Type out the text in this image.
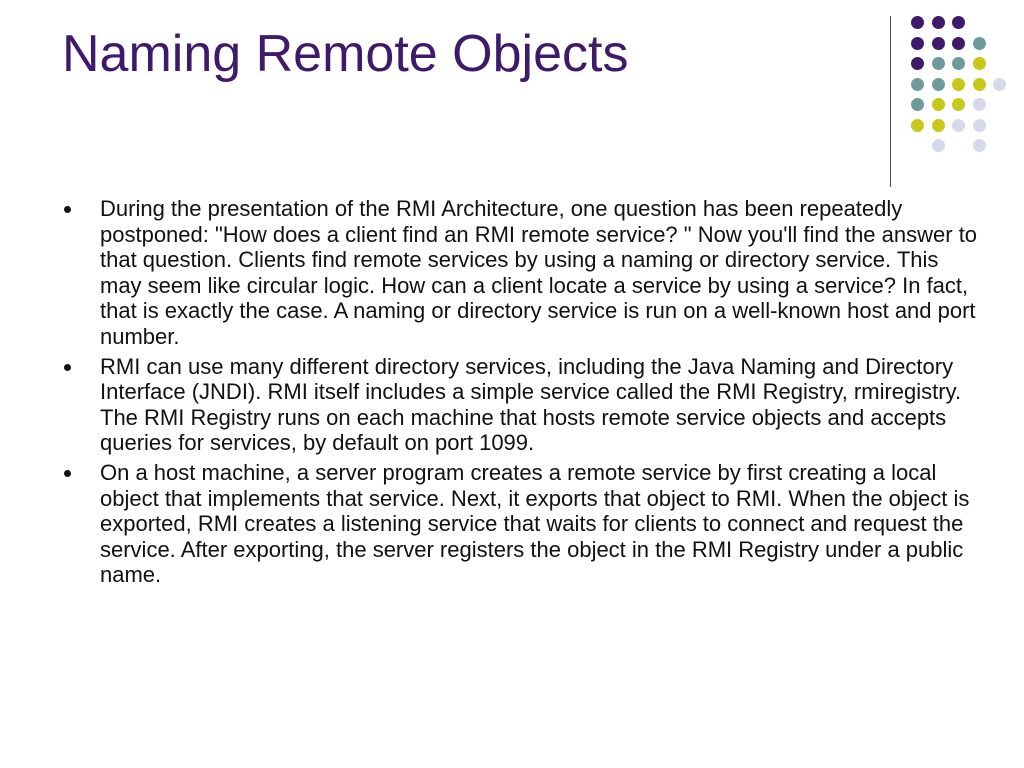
Naming Remote Objects
During the presentation of the RMI Architecture, one question has been repeatedly postponed: "How does a client find an RMI remote service? " Now you'll find the answer to that question. Clients find remote services by using a naming or directory service. This may seem like circular logic. How can a client locate a service by using a service? In fact, that is exactly the case. A naming or directory service is run on a well-known host and port number.
RMI can use many different directory services, including the Java Naming and Directory Interface (JNDI). RMI itself includes a simple service called the RMI Registry, rmiregistry. The RMI Registry runs on each machine that hosts remote service objects and accepts queries for services, by default on port 1099.
On a host machine, a server program creates a remote service by first creating a local object that implements that service. Next, it exports that object to RMI. When the object is exported, RMI creates a listening service that waits for clients to connect and request the service. After exporting, the server registers the object in the RMI Registry under a public name.
